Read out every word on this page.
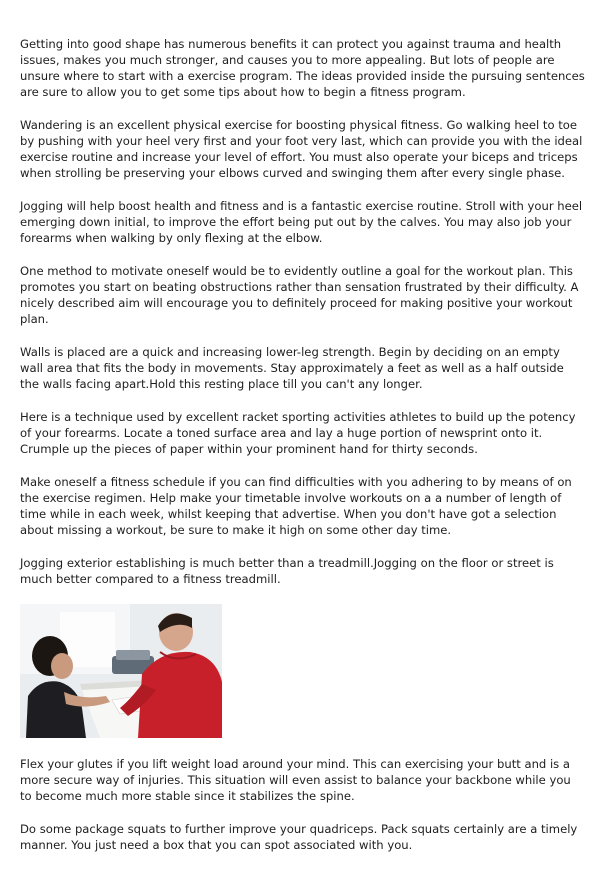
Getting into good shape has numerous benefits it can protect you against trauma and health issues, makes you much stronger, and causes you to more appealing. But lots of people are unsure where to start with a exercise program. The ideas provided inside the pursuing sentences are sure to allow you to get some tips about how to begin a fitness program.

Wandering is an excellent physical exercise for boosting physical fitness. Go walking heel to toe by pushing with your heel very first and your foot very last, which can provide you with the ideal exercise routine and increase your level of effort. You must also operate your biceps and triceps when strolling be preserving your elbows curved and swinging them after every single phase.

Jogging will help boost health and fitness and is a fantastic exercise routine. Stroll with your heel emerging down initial, to improve the effort being put out by the calves. You may also job your forearms when walking by only flexing at the elbow.

One method to motivate oneself would be to evidently outline a goal for the workout plan. This promotes you start on beating obstructions rather than sensation frustrated by their difficulty. A nicely described aim will encourage you to definitely proceed for making positive your workout plan.

Walls is placed are a quick and increasing lower-leg strength. Begin by deciding on an empty wall area that fits the body in movements. Stay approximately a feet as well as a half outside the walls facing apart.Hold this resting place till you can't any longer.

Here is a technique used by excellent racket sporting activities athletes to build up the potency of your forearms. Locate a toned surface area and lay a huge portion of newsprint onto it. Crumple up the pieces of paper within your prominent hand for thirty seconds.

Make oneself a fitness schedule if you can find difficulties with you adhering to by means of on the exercise regimen. Help make your timetable involve workouts on a a number of length of time while in each week, whilst keeping that advertise. When you don't have got a selection about missing a workout, be sure to make it high on some other day time.

Jogging exterior establishing is much better than a treadmill.Jogging on the floor or street is much better compared to a fitness treadmill.

Flex your glutes if you lift weight load around your mind. This can exercising your butt and is a more secure way of injuries. This situation will even assist to balance your backbone while you to become much more stable since it stabilizes the spine.

Do some package squats to further improve your quadriceps. Pack squats certainly are a timely manner. You just need a box that you can spot associated with you.
